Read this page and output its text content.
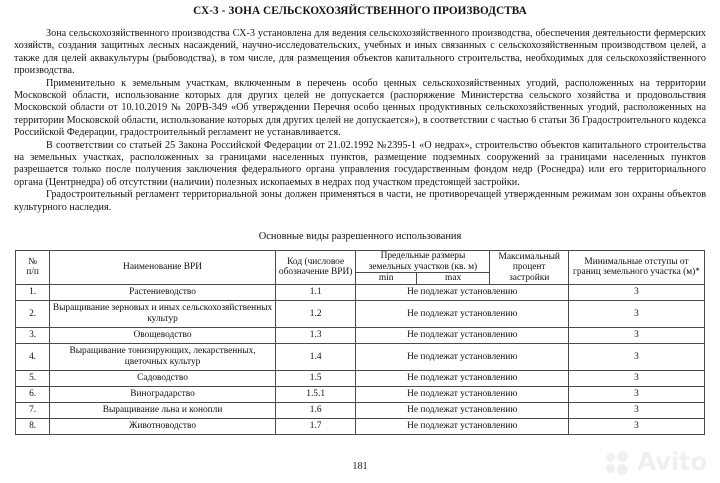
СХ-3 - ЗОНА СЕЛЬСКОХОЗЯЙСТВЕННОГО ПРОИЗВОДСТВА

Зона сельскохозяйственного производства СХ-3 установлена для ведения сельскохозяйственного производства, обеспечения деятельности фермерских хозяйств, создания защитных лесных насаждений, научно-исследовательских, учебных и иных связанных с сельскохозяйственным производством целей, а также для целей аквакультуры (рыбоводства), в том числе, для размещения объектов капитального строительства, необходимых для сельскохозяйственного производства.

Применительно к земельным участкам, включенным в перечень особо ценных сельскохозяйственных угодий, расположенных на территории Московской области, использование которых для других целей не допускается (распоряжение Министерства сельского хозяйства и продовольствия Московской области от 10.10.2019 № 20РВ-349 «Об утверждении Перечня особо ценных продуктивных сельскохозяйственных угодий, расположенных на территории Московской области, использование которых для других целей не допускается»), в соответствии с частью 6 статьи 36 Градостроительного кодекса Российской Федерации, градостроительный регламент не устанавливается.

В соответствии со статьей 25 Закона Российской Федерации от 21.02.1992 №2395-1 «О недрах», строительство объектов капитального строительства на земельных участках, расположенных за границами населенных пунктов, размещение подземных сооружений за границами населенных пунктов разрешается только после получения заключения федерального органа управления государственным фондом недр (Роснедра) или его территориального органа (Центрнедра) об отсутствии (наличии) полезных ископаемых в недрах под участком предстоящей застройки.

Градостроительный регламент территориальной зоны должен применяться в части, не противоречащей утвержденным режимам зон охраны объектов культурного наследия.

Основные виды разрешенного использования
№
п/п	Наименование ВРИ	Код (числовое обозначение ВРИ)	Предельные размеры земельных участков (кв. м)		Максимальный процент застройки	Минимальные отступы от границ земельного участка (м)*
			min	max		
1.	Растениеводство	1.1	Не подлежат установлению			3
2.	Выращивание зерновых и иных сельскохозяйственных культур	1.2	Не подлежат установлению			3
3.	Овощеводство	1.3	Не подлежат установлению			3
4.	Выращивание тонизирующих, лекарственных, цветочных культур	1.4	Не подлежат установлению			3
5.	Садоводство	1.5	Не подлежат установлению			3
6.	Виноградарство	1.5.1	Не подлежат установлению			3
7.	Выращивание льна и конопли	1.6	Не подлежат установлению			3
8.	Животноводство	1.7	Не подлежат установлению			3
181	Avito
